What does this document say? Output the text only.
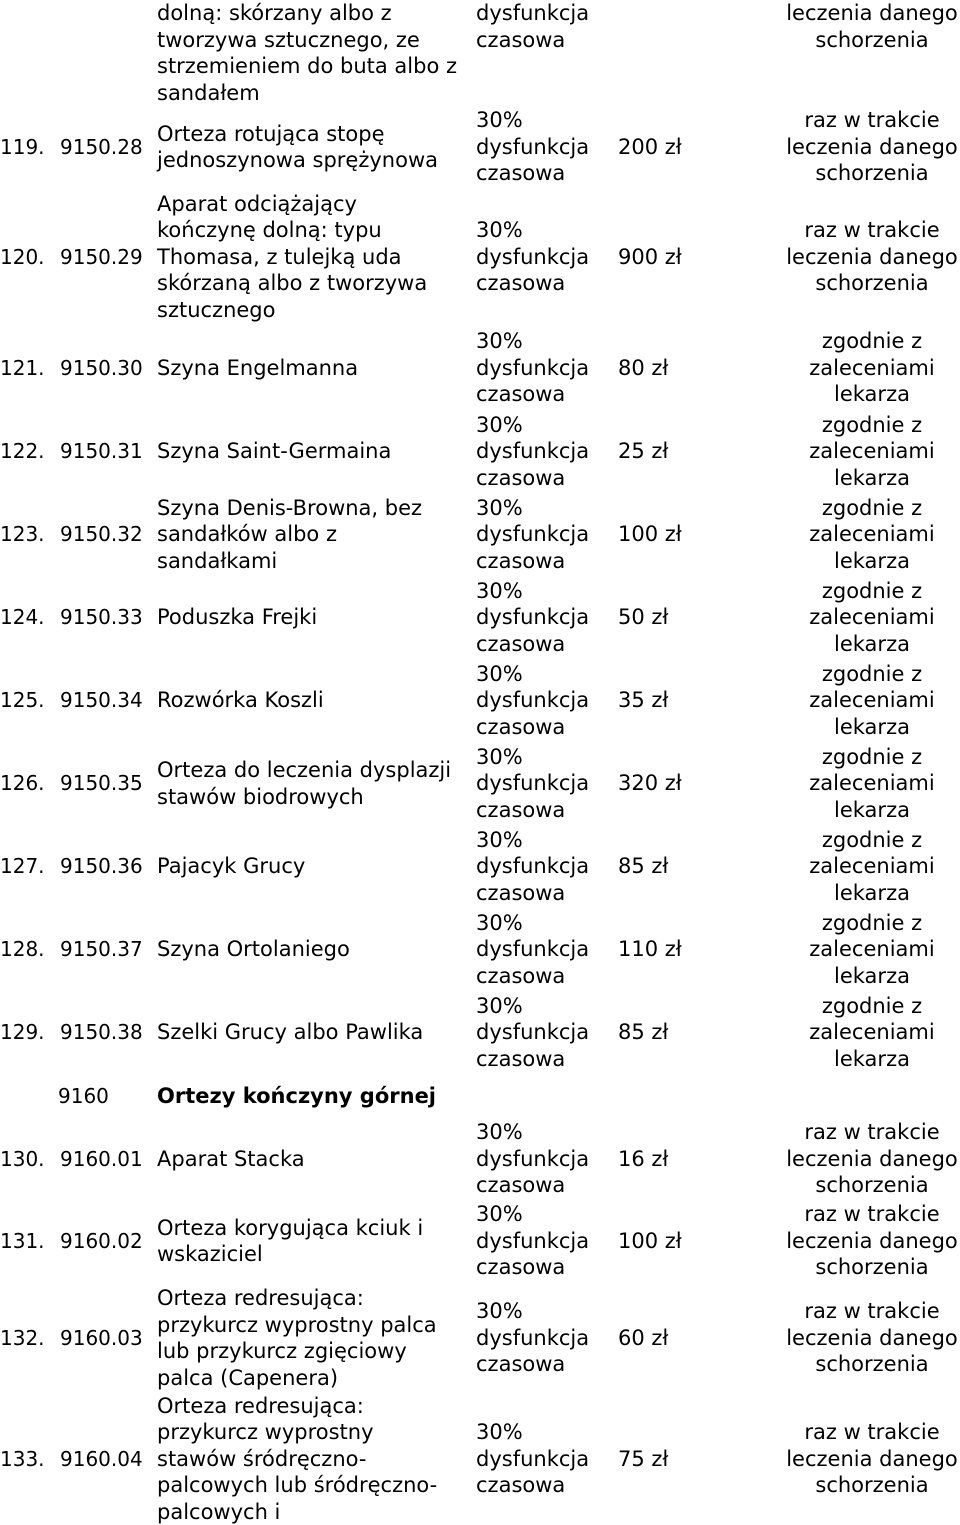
dolną: skórzany albo z
tworzywa sztucznego, ze
strzemieniem do buta albo z
sandałem
dysfunkcja
czasowa
leczenia danego
schorzenia
119. 9150.28
Orteza rotująca stopę
jednoszynowa sprężynowa
30%
dysfunkcja
czasowa
200 zł
raz w trakcie
leczenia danego
schorzenia
120. 9150.29
Aparat odciążający
kończynę dolną: typu
Thomasa, z tulejką uda
skórzaną albo z tworzywa
sztucznego
30%
dysfunkcja
czasowa
900 zł
raz w trakcie
leczenia danego
schorzenia
121. 9150.30 Szyna Engelmanna
30%
dysfunkcja
czasowa
80 zł
zgodnie z
zaleceniami
lekarza
122. 9150.31 Szyna Saint-Germaina
30%
dysfunkcja
czasowa
25 zł
zgodnie z
zaleceniami
lekarza
123. 9150.32
Szyna Denis-Browna, bez
sandałków albo z
sandałkami
30%
dysfunkcja
czasowa
100 zł
zgodnie z
zaleceniami
lekarza
124. 9150.33 Poduszka Frejki
30%
dysfunkcja
czasowa
50 zł
zgodnie z
zaleceniami
lekarza
125. 9150.34 Rozwórka Koszli
30%
dysfunkcja
czasowa
35 zł
zgodnie z
zaleceniami
lekarza
126. 9150.35
Orteza do leczenia dysplazji
stawów biodrowych
30%
dysfunkcja
czasowa
320 zł
zgodnie z
zaleceniami
lekarza
127. 9150.36 Pajacyk Grucy
30%
dysfunkcja
czasowa
85 zł
zgodnie z
zaleceniami
lekarza
128. 9150.37 Szyna Ortolaniego
30%
dysfunkcja
czasowa
110 zł
zgodnie z
zaleceniami
lekarza
129. 9150.38 Szelki Grucy albo Pawlika
30%
dysfunkcja
czasowa
85 zł
zgodnie z
zaleceniami
lekarza
9160	Ortezy kończyny górnej
130. 9160.01 Aparat Stacka
30%
dysfunkcja
czasowa
16 zł
raz w trakcie
leczenia danego
schorzenia
131. 9160.02
Orteza korygująca kciuk i
wskaziciel
30%
dysfunkcja
czasowa
100 zł
raz w trakcie
leczenia danego
schorzenia
132. 9160.03
Orteza redresująca:
przykurcz wyprostny palca
lub przykurcz zgięciowy
palca (Capenera)
30%
dysfunkcja
czasowa
60 zł
raz w trakcie
leczenia danego
schorzenia
133. 9160.04
Orteza redresująca:
przykurcz wyprostny
stawów śródręczno-
palcowych lub śródręczno-
palcowych i
30%
dysfunkcja
czasowa
75 zł
raz w trakcie
leczenia danego
schorzenia
